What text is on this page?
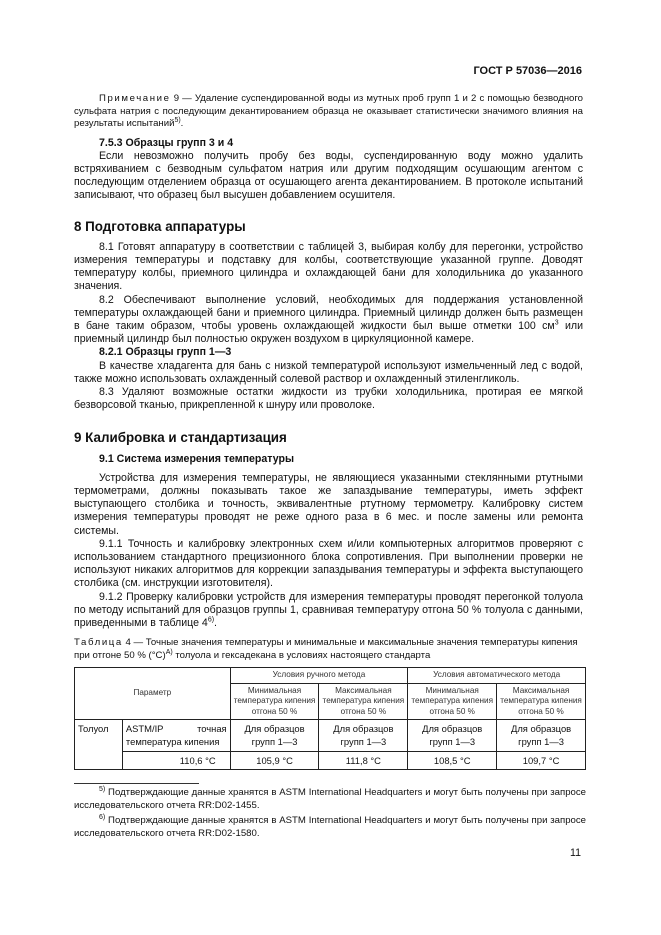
ГОСТ Р 57036—2016

Примечание 9 — Удаление суспендированной воды из мутных проб групп 1 и 2 с помощью безводного сульфата натрия с последующим декантированием образца не оказывает статистически значимого влияния на результаты испытаний$^{5)}$.

7.5.3 Образцы групп 3 и 4

Если невозможно получить пробу без воды, суспендированную воду можно удалить встряхиванием с безводным сульфатом натрия или другим подходящим осушающим агентом с последующим отделением образца от осушающего агента декантированием. В протоколе испытаний записывают, что образец был высушен добавлением осушителя.

8 Подготовка аппаратуры

8.1 Готовят аппаратуру в соответствии с таблицей 3, выбирая колбу для перегонки, устройство измерения температуры и подставку для колбы, соответствующие указанной группе. Доводят температуру колбы, приемного цилиндра и охлаждающей бани для холодильника до указанного значения.

8.2 Обеспечивают выполнение условий, необходимых для поддержания установленной температуры охлаждающей бани и приемного цилиндра. Приемный цилиндр должен быть размещен в бане таким образом, чтобы уровень охлаждающей жидкости был выше отметки 100 $см^3$ или приемный цилиндр был полностью окружен воздухом в циркуляционной камере.

8.2.1 Образцы групп 1—3

В качестве хладагента для бань с низкой температурой используют измельченный лед с водой, также можно использовать охлажденный солевой раствор и охлажденный этиленгликоль.

8.3 Удаляют возможные остатки жидкости из трубки холодильника, протирая ее мягкой безворсовой тканью, прикрепленной к шнуру или проволоке.

9 Калибровка и стандартизация

9.1 Система измерения температуры

Устройства для измерения температуры, не являющиеся указанными стеклянными ртутными термометрами, должны показывать такое же запаздывание температуры, иметь эффект выступающего столбика и точность, эквивалентные ртутному термометру. Калибровку систем измерения температуры проводят не реже одного раза в 6 мес. и после замены или ремонта системы.

9.1.1 Точность и калибровку электронных схем и/или компьютерных алгоритмов проверяют с использованием стандартного прецизионного блока сопротивления. При выполнении проверки не используют никаких алгоритмов для коррекции запаздывания температуры и эффекта выступающего столбика (см. инструкции изготовителя).

9.1.2 Проверку калибровки устройств для измерения температуры проводят перегонкой толуола по методу испытаний для образцов группы 1, сравнивая температуру отгона 50 % толуола с данными, приведенными в таблице 4$^{6)}$.

Таблица 4 — Точные значения температуры и минимальные и максимальные значения температуры кипения при отгоне 50 % $(^\circ C)^{A)}$ толуола и гексадекана в условиях настоящего стандарта

Параметр		Условия ручного метода		Условия автоматического метода	
		Минимальная температура кипения отгона 50 %	Максимальная температура кипения отгона 50 %	Минимальная температура кипения отгона 50 %	Максимальная температура кипения отгона 50 %
Толуол	ASTM/IP точная температура кипения	Для образцов групп 1—3	Для образцов групп 1—3	Для образцов групп 1—3	Для образцов групп 1—3
	110,6 °C	105,9 °C	111,8 °C	108,5 °C	109,7 °C

$^{5)}$ Подтверждающие данные хранятся в ASTM International Headquarters и могут быть получены при запросе исследовательского отчета RR:D02-1455.

$^{6)}$ Подтверждающие данные хранятся в ASTM International Headquarters и могут быть получены при запросе исследовательского отчета RR:D02-1580.

11
